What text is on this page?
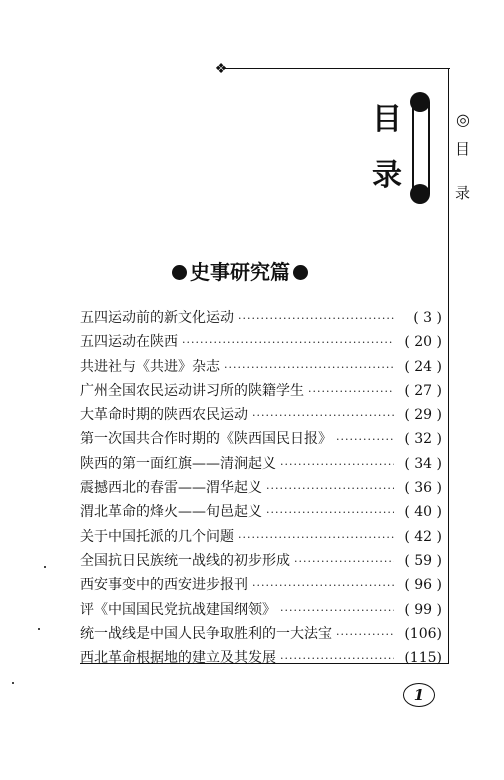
❖
目
录
◎
目
录
史事研究篇
五四运动前的新文化运动 ·····	( 3 )
五四运动在陕西 ·····	( 20 )
共进社与《共进》杂志 ·····	( 24 )
广州全国农民运动讲习所的陕籍学生 ·····	( 27 )
大革命时期的陕西农民运动 ·····	( 29 )
第一次国共合作时期的《陕西国民日报》 ·····	( 32 )
陕西的第一面红旗——清涧起义 ·····	( 34 )
震撼西北的春雷——渭华起义 ·····	( 36 )
渭北革命的烽火——旬邑起义 ·····	( 40 )
关于中国托派的几个问题 ·····	( 42 )
全国抗日民族统一战线的初步形成 ·····	( 59 )
西安事变中的西安进步报刊 ·····	( 96 )
评《中国国民党抗战建国纲领》 ·····	( 99 )
统一战线是中国人民争取胜利的一大法宝 ·····	(106)
西北革命根据地的建立及其发展 ·····	(115)
1
